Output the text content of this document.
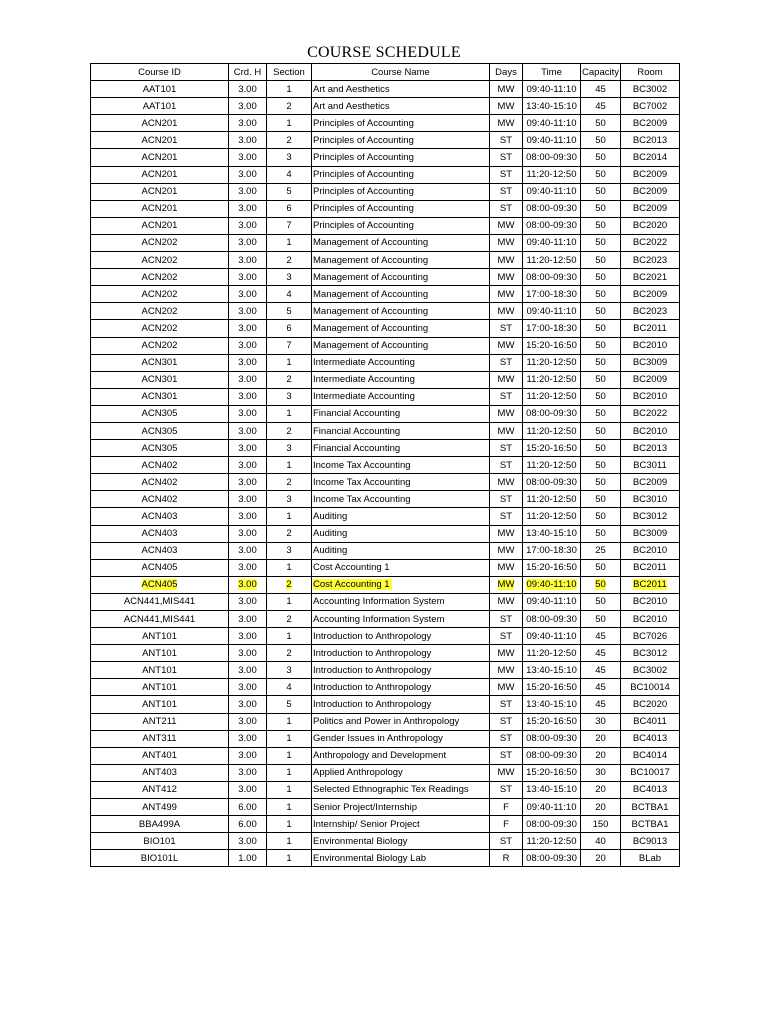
COURSE SCHEDULE
Course ID	Crd. H	Section	Course Name	Days	Time	Capacity	Room
AAT101	3.00	1	Art and Aesthetics	MW	09:40-11:10	45	BC3002
AAT101	3.00	2	Art and Aesthetics	MW	13:40-15:10	45	BC7002
ACN201	3.00	1	Principles of Accounting	MW	09:40-11:10	50	BC2009
ACN201	3.00	2	Principles of Accounting	ST	09:40-11:10	50	BC2013
ACN201	3.00	3	Principles of Accounting	ST	08:00-09:30	50	BC2014
ACN201	3.00	4	Principles of Accounting	ST	11:20-12:50	50	BC2009
ACN201	3.00	5	Principles of Accounting	ST	09:40-11:10	50	BC2009
ACN201	3.00	6	Principles of Accounting	ST	08:00-09:30	50	BC2009
ACN201	3.00	7	Principles of Accounting	MW	08:00-09:30	50	BC2020
ACN202	3.00	1	Management of Accounting	MW	09:40-11:10	50	BC2022
ACN202	3.00	2	Management of Accounting	MW	11:20-12:50	50	BC2023
ACN202	3.00	3	Management of Accounting	MW	08:00-09:30	50	BC2021
ACN202	3.00	4	Management of Accounting	MW	17:00-18:30	50	BC2009
ACN202	3.00	5	Management of Accounting	MW	09:40-11:10	50	BC2023
ACN202	3.00	6	Management of Accounting	ST	17:00-18:30	50	BC2011
ACN202	3.00	7	Management of Accounting	MW	15:20-16:50	50	BC2010
ACN301	3.00	1	Intermediate Accounting	ST	11:20-12:50	50	BC3009
ACN301	3.00	2	Intermediate Accounting	MW	11:20-12:50	50	BC2009
ACN301	3.00	3	Intermediate Accounting	ST	11:20-12:50	50	BC2010
ACN305	3.00	1	Financial Accounting	MW	08:00-09:30	50	BC2022
ACN305	3.00	2	Financial Accounting	MW	11:20-12:50	50	BC2010
ACN305	3.00	3	Financial Accounting	ST	15:20-16:50	50	BC2013
ACN402	3.00	1	Income Tax Accounting	ST	11:20-12:50	50	BC3011
ACN402	3.00	2	Income Tax Accounting	MW	08:00-09:30	50	BC2009
ACN402	3.00	3	Income Tax Accounting	ST	11:20-12:50	50	BC3010
ACN403	3.00	1	Auditing	ST	11:20-12:50	50	BC3012
ACN403	3.00	2	Auditing	MW	13:40-15:10	50	BC3009
ACN403	3.00	3	Auditing	MW	17:00-18:30	25	BC2010
ACN405	3.00	1	Cost Accounting 1	MW	15:20-16:50	50	BC2011
ACN405	3.00	2	Cost Accounting 1	MW	09:40-11:10	50	BC2011
ACN441,MIS441	3.00	1	Accounting Information System	MW	09:40-11:10	50	BC2010
ACN441,MIS441	3.00	2	Accounting Information System	ST	08:00-09:30	50	BC2010
ANT101	3.00	1	Introduction to Anthropology	ST	09:40-11:10	45	BC7026
ANT101	3.00	2	Introduction to Anthropology	MW	11:20-12:50	45	BC3012
ANT101	3.00	3	Introduction to Anthropology	MW	13:40-15:10	45	BC3002
ANT101	3.00	4	Introduction to Anthropology	MW	15:20-16:50	45	BC10014
ANT101	3.00	5	Introduction to Anthropology	ST	13:40-15:10	45	BC2020
ANT211	3.00	1	Politics and Power in Anthropology	ST	15:20-16:50	30	BC4011
ANT311	3.00	1	Gender Issues in Anthropology	ST	08:00-09:30	20	BC4013
ANT401	3.00	1	Anthropology and Development	ST	08:00-09:30	20	BC4014
ANT403	3.00	1	Applied Anthropology	MW	15:20-16:50	30	BC10017
ANT412	3.00	1	Selected Ethnographic Tex Readings	ST	13:40-15:10	20	BC4013
ANT499	6.00	1	Senior Project/Internship	F	09:40-11:10	20	BCTBA1
BBA499A	6.00	1	Internship/ Senior Project	F	08:00-09:30	150	BCTBA1
BIO101	3.00	1	Environmental Biology	ST	11:20-12:50	40	BC9013
BIO101L	1.00	1	Environmental Biology Lab	R	08:00-09:30	20	BLab
